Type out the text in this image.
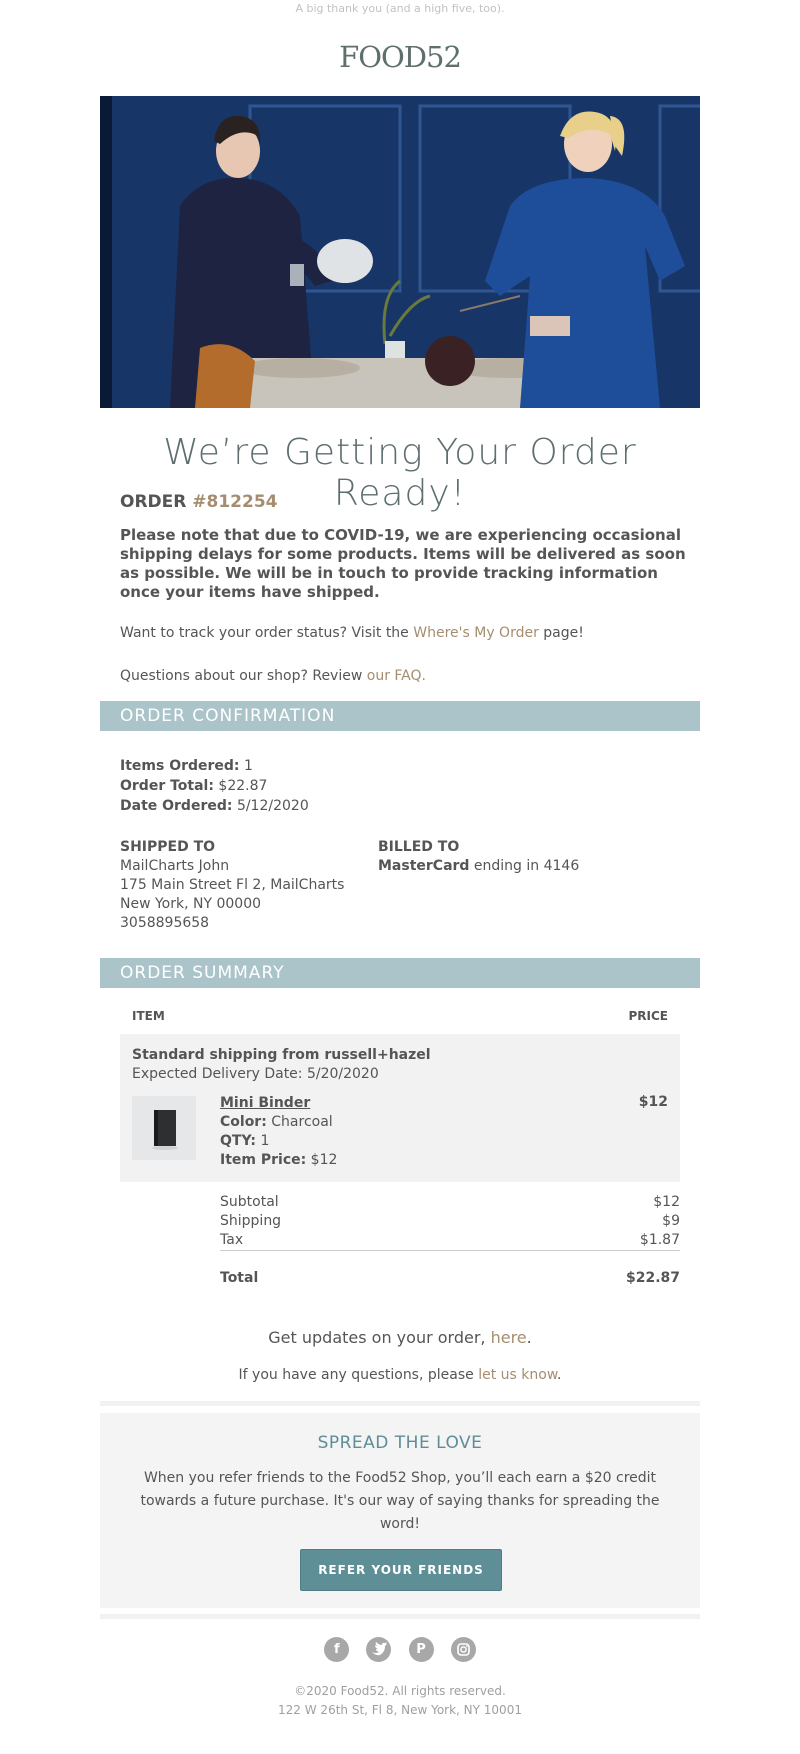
A big thank you (and a high five, too).
FOOD52
We’re Getting Your Order Ready!
ORDER #812254
Please note that due to COVID-19, we are experiencing occasional shipping delays for some products. Items will be delivered as soon as possible. We will be in touch to provide tracking information once your items have shipped.
Want to track your order status? Visit the Where's My Order page!
Questions about our shop? Review our FAQ.
ORDER CONFIRMATION
Items Ordered: 1
Order Total: $22.87
Date Ordered: 5/12/2020
SHIPPED TO
MailCharts John
175 Main Street Fl 2, MailCharts
New York, NY 00000
3058895658
BILLED TO
MasterCard ending in 4146
ORDER SUMMARY
ITEM	PRICE
Standard shipping from russell+hazel
Expected Delivery Date: 5/20/2020
Mini Binder
Color: Charcoal
QTY: 1
Item Price: $12
$12
Subtotal	$12
Shipping	$9
Tax	$1.87
Total	$22.87
Get updates on your order, here.
If you have any questions, please let us know.
SPREAD THE LOVE
When you refer friends to the Food52 Shop, you’ll each earn a $20 credit towards a future purchase. It's our way of saying thanks for spreading the word!
REFER YOUR FRIENDS
f

	P

©2020 Food52. All rights reserved.
122 W 26th St, Fl 8, New York, NY 10001
